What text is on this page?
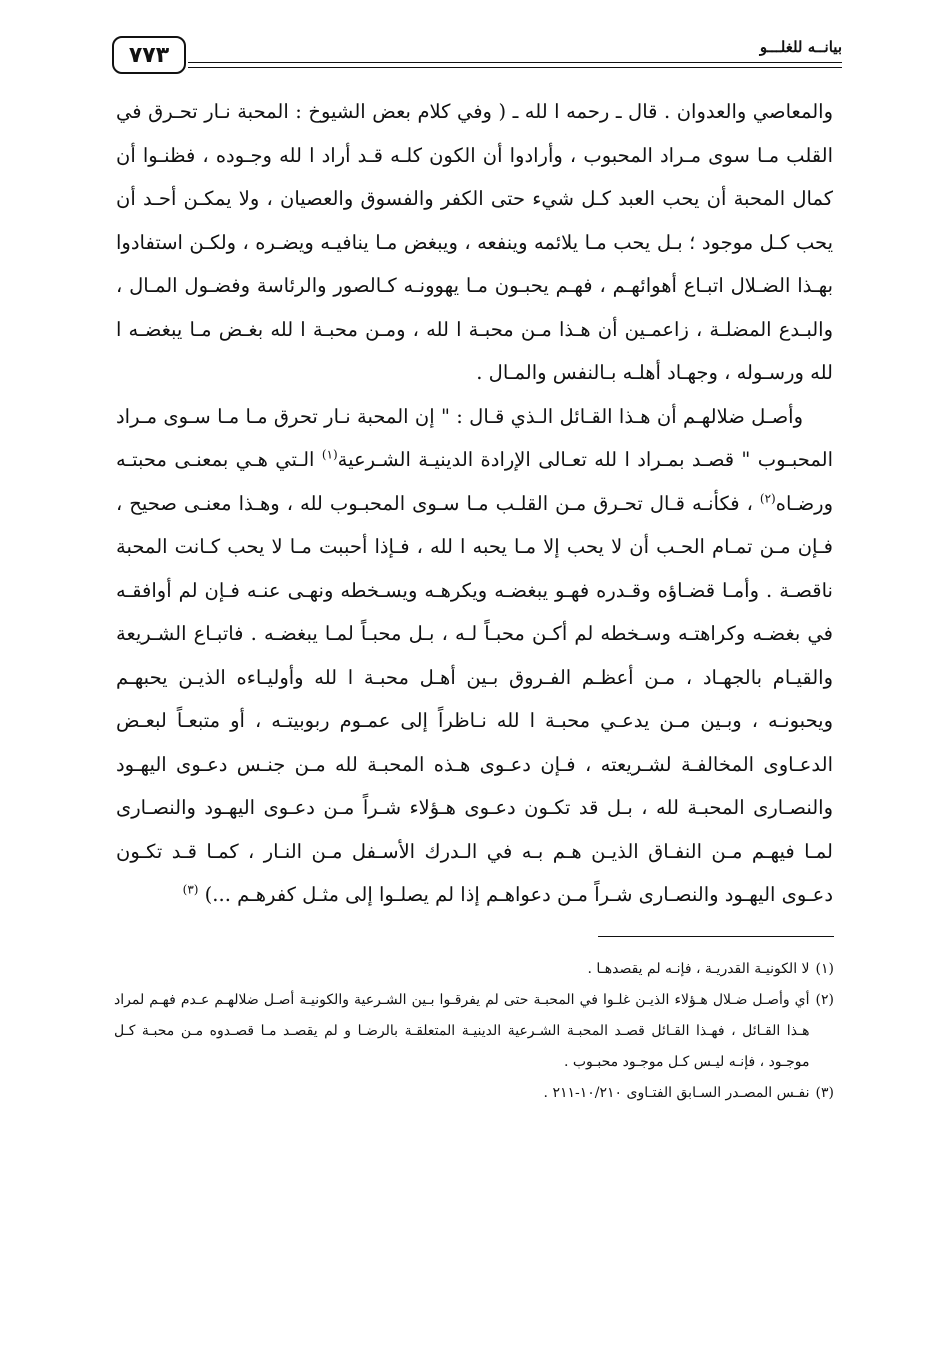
٧٧٣	بيانــه للغلـــو

والمعاصي والعدوان . قال ـ رحمه ا لله ـ ( وفي كلام بعض الشيوخ : المحبة نـار تحـرق في القلب مـا سوى مـراد المحبوب ، وأرادوا أن الكون كلـه قـد أراد ا لله وجـوده ، فظنـوا أن كمال المحبة أن يحب العبد كـل شيء حتى الكفر والفسوق والعصيان ، ولا يمكـن أحـد أن يحب كـل موجود ؛ بـل يحب مـا يلائمه وينفعه ، ويبغض مـا ينافيـه ويضـره ، ولكـن استفادوا بهـذا الضـلال اتبـاع أهوائهـم ، فهـم يحبـون مـا يهوونـه كـالصور والرئاسة وفضـول المـال ، والبـدع المضلـة ، زاعمـين أن هـذا مـن محبـة ا لله ، ومـن محبـة ا لله بغـض مـا يبغضـه ا لله ورسـوله ، وجهـاد أهلـه بـالنفس والمـال .

وأصـل ضلالهـم أن هـذا القـائل الـذي قـال : " إن المحبة نـار تحرق مـا مـا سـوى مـراد المحبـوب " قصـد بمـراد ا لله تعـالى الإرادة الدينيـة الشـرعية$^{(١)}$ الـتي هـي بمعنـى محبتـه ورضـاه$^{(٢)}$ ، فكأنـه قـال تحـرق مـن القلـب مـا سـوى المحبـوب لله ، وهـذا معنـى صحيح ، فـإن مـن تمـام الحـب أن لا يحب إلا مـا يحبه ا لله ، فـإذا أحببت مـا لا يحب كـانت المحبة ناقصـة . وأمـا قضـاؤه وقـدره فهـو يبغضـه ويكرهـه ويسـخطه ونهـى عنـه فـإن لم أوافقـه في بغضـه وكراهتـه وسـخطه لم أكـن محبـاً لـه ، بـل محبـاً لمـا يبغضـه . فاتبـاع الشـريعة والقيـام بالجهـاد ، مـن أعظـم الفـروق بـين أهـل محبـة ا لله وأوليـاءه الذيـن يحبهـم ويحبونـه ، وبـين مـن يدعـي محبـة ا لله نـاظراً إلى عمـوم ربوبيتـه ، أو متبعـاً لبعـض الدعـاوى المخالفـة لشـريعته ، فـإن دعـوى هـذه المحبـة لله مـن جنـس دعـوى اليهـود والنصـارى المحبـة لله ، بـل قد تكـون دعـوى هـؤلاء شـراً مـن دعـوى اليهـود والنصـارى لمـا فيهـم مـن النفـاق الذيـن هـم بـه في الـدرك الأسـفل مـن النـار ، كمـا قـد تكـون دعـوى اليهـود والنصـارى شـراً مـن دعواهـم إذا لم يصلـوا إلى مثـل كفرهـم ...) $^{(٣)}$

(١)
لا الكونيـة القدريـة ، فإنـه لم يقصدهـا .
(٢)
أي وأصـل ضـلال هـؤلاء الذيـن غلـوا في المحبـة حتى لم يفرقـوا بـين الشـرعية والكونيـة أصـل ضلالهـم عـدم فهـم لمراد هـذا القـائل ، فهـذا القـائل قصـد المحبـة الشـرعية الدينيـة المتعلقـة بالرضـا و لم يقصـد مـا قصـدوه مـن محبـة كـل موجـود ، فإنـه ليـس كـل موجـود محبـوب .
(٣)
نفـس المصـدر السـابق الفتـاوى ١٠/٢١٠-٢١١ .
